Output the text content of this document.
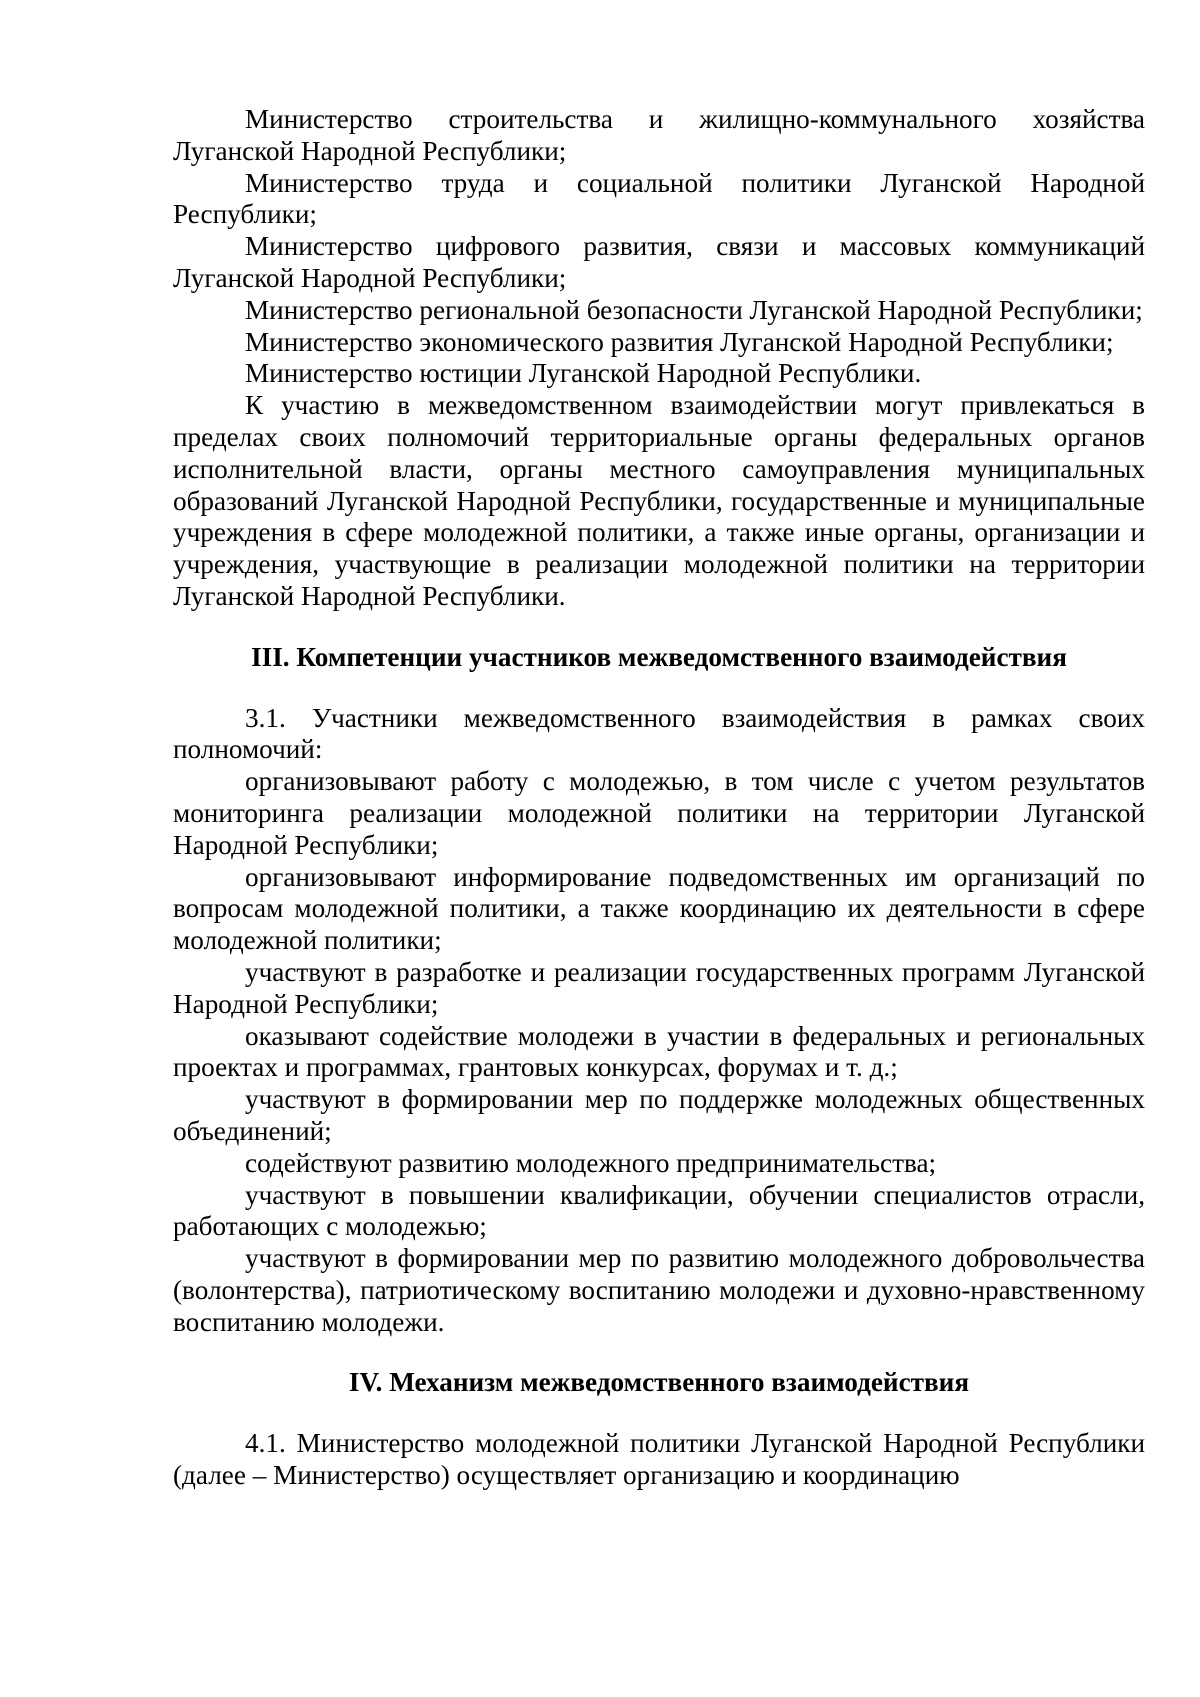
Министерство строительства и жилищно-коммунального хозяйства Луганской Народной Республики;

Министерство труда и социальной политики Луганской Народной Республики;

Министерство цифрового развития, связи и массовых коммуникаций Луганской Народной Республики;

Министерство региональной безопасности Луганской Народной Республики;

Министерство экономического развития Луганской Народной Республики;

Министерство юстиции Луганской Народной Республики.

К участию в межведомственном взаимодействии могут привлекаться в пределах своих полномочий территориальные органы федеральных органов исполнительной власти, органы местного самоуправления муниципальных образований Луганской Народной Республики, государственные и муниципальные учреждения в сфере молодежной политики, а также иные органы, организации и учреждения, участвующие в реализации молодежной политики на территории Луганской Народной Республики.

III. Компетенции участников межведомственного взаимодействия

3.1. Участники межведомственного взаимодействия в рамках своих полномочий:

организовывают работу с молодежью, в том числе с учетом результатов мониторинга реализации молодежной политики на территории Луганской Народной Республики;

организовывают информирование подведомственных им организаций по вопросам молодежной политики, а также координацию их деятельности в сфере молодежной политики;

участвуют в разработке и реализации государственных программ Луганской Народной Республики;

оказывают содействие молодежи в участии в федеральных и региональных проектах и программах, грантовых конкурсах, форумах и т. д.;

участвуют в формировании мер по поддержке молодежных общественных объединений;

содействуют развитию молодежного предпринимательства;

участвуют в повышении квалификации, обучении специалистов отрасли, работающих с молодежью;

участвуют в формировании мер по развитию молодежного добровольчества (волонтерства), патриотическому воспитанию молодежи и духовно-нравственному воспитанию молодежи.

IV. Механизм межведомственного взаимодействия

4.1. Министерство молодежной политики Луганской Народной Республики (далее – Министерство) осуществляет организацию и координацию
